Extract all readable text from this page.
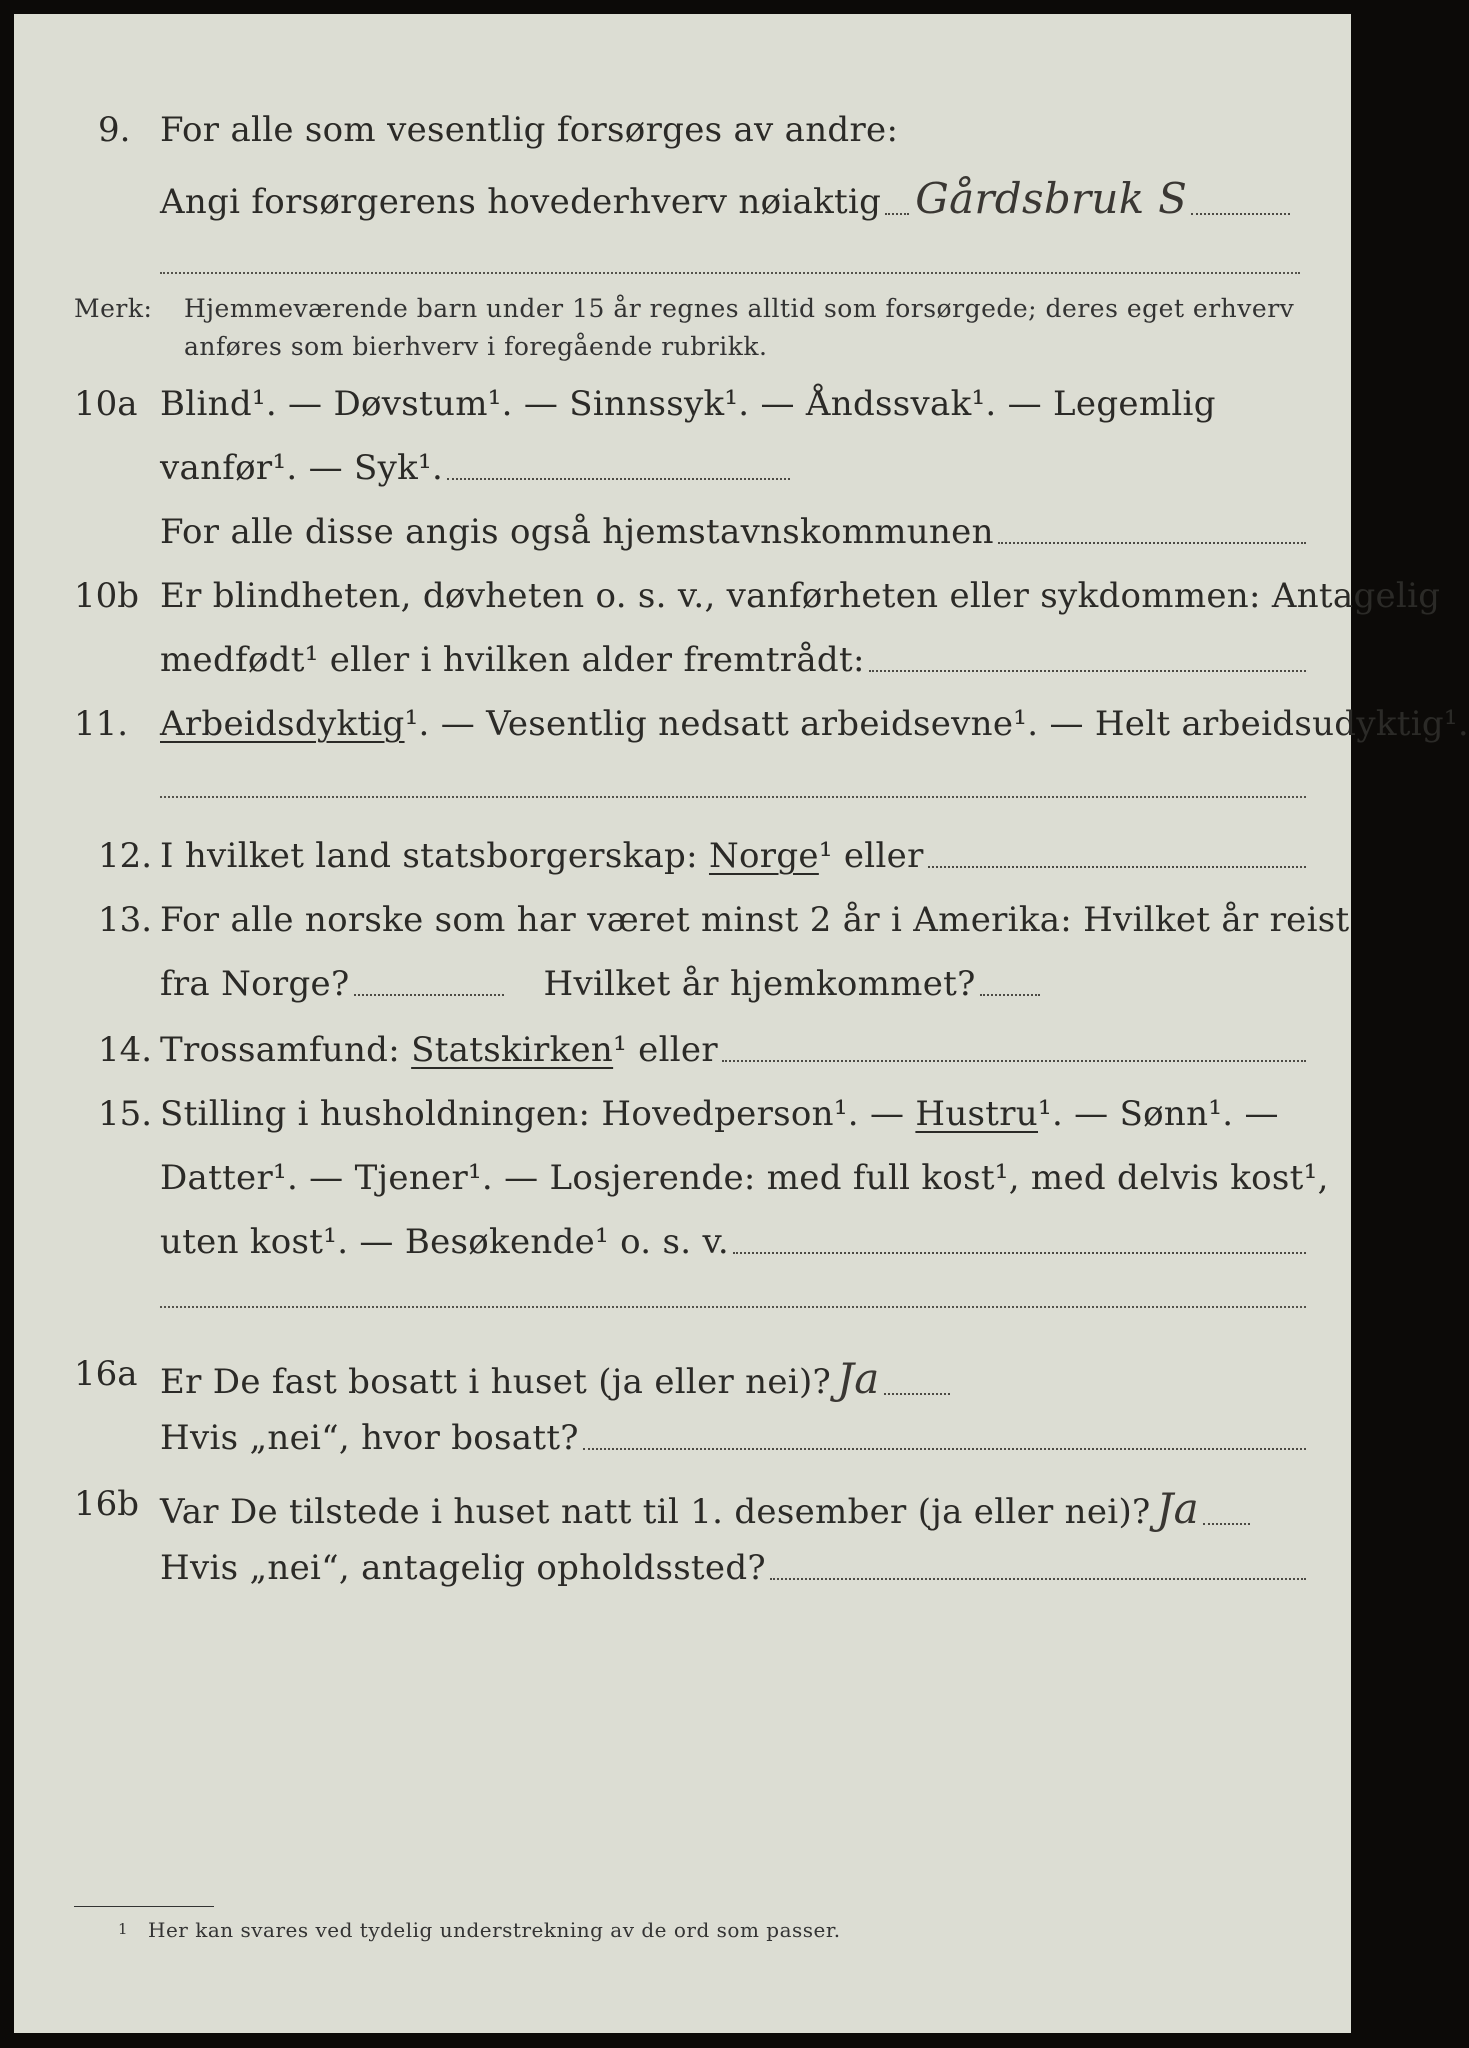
9. For alle som vesentlig forsørges av andre:
Angi forsørgerens hovederhverv nøiaktig Gårdsbruk S
Merk: Hjemmeværende barn under 15 år regnes alltid som forsørgede; deres eget erhverv
anføres som bierhverv i foregående rubrikk.
10a Blind¹. — Døvstum¹. — Sinnssyk¹. — Åndssvak¹. — Legemlig
vanfør¹. — Syk¹.
For alle disse angis også hjemstavnskommunen
10b Er blindheten, døvheten o. s. v., vanførheten eller sykdommen: Antagelig
medfødt¹ eller i hvilken alder fremtrådt:
11. Arbeidsdyktig ¹. — Vesentlig nedsatt arbeidsevne¹. — Helt arbeidsudyktig¹.
12. I hvilket land statsborgerskap:
Norge ¹ eller
13. For alle norske som har været minst 2 år i Amerika: Hvilket år reist
fra Norge?	Hvilket år hjemkommet?
14. Trossamfund:
Statskirken ¹ eller
15. Stilling i husholdningen: Hovedperson¹. —
Hustru ¹. — Sønn¹. —
Datter¹. — Tjener¹. — Losjerende: med full kost¹, med delvis kost¹,
uten kost¹. — Besøkende¹ o. s. v.
16a Er De fast bosatt i huset (ja eller nei)? Ja
Hvis „nei“, hvor bosatt?
16b Var De tilstede i huset natt til 1. desember (ja eller nei)? Ja
Hvis „nei“, antagelig opholdssted?
1 Her kan svares ved tydelig understrekning av de ord som passer.
